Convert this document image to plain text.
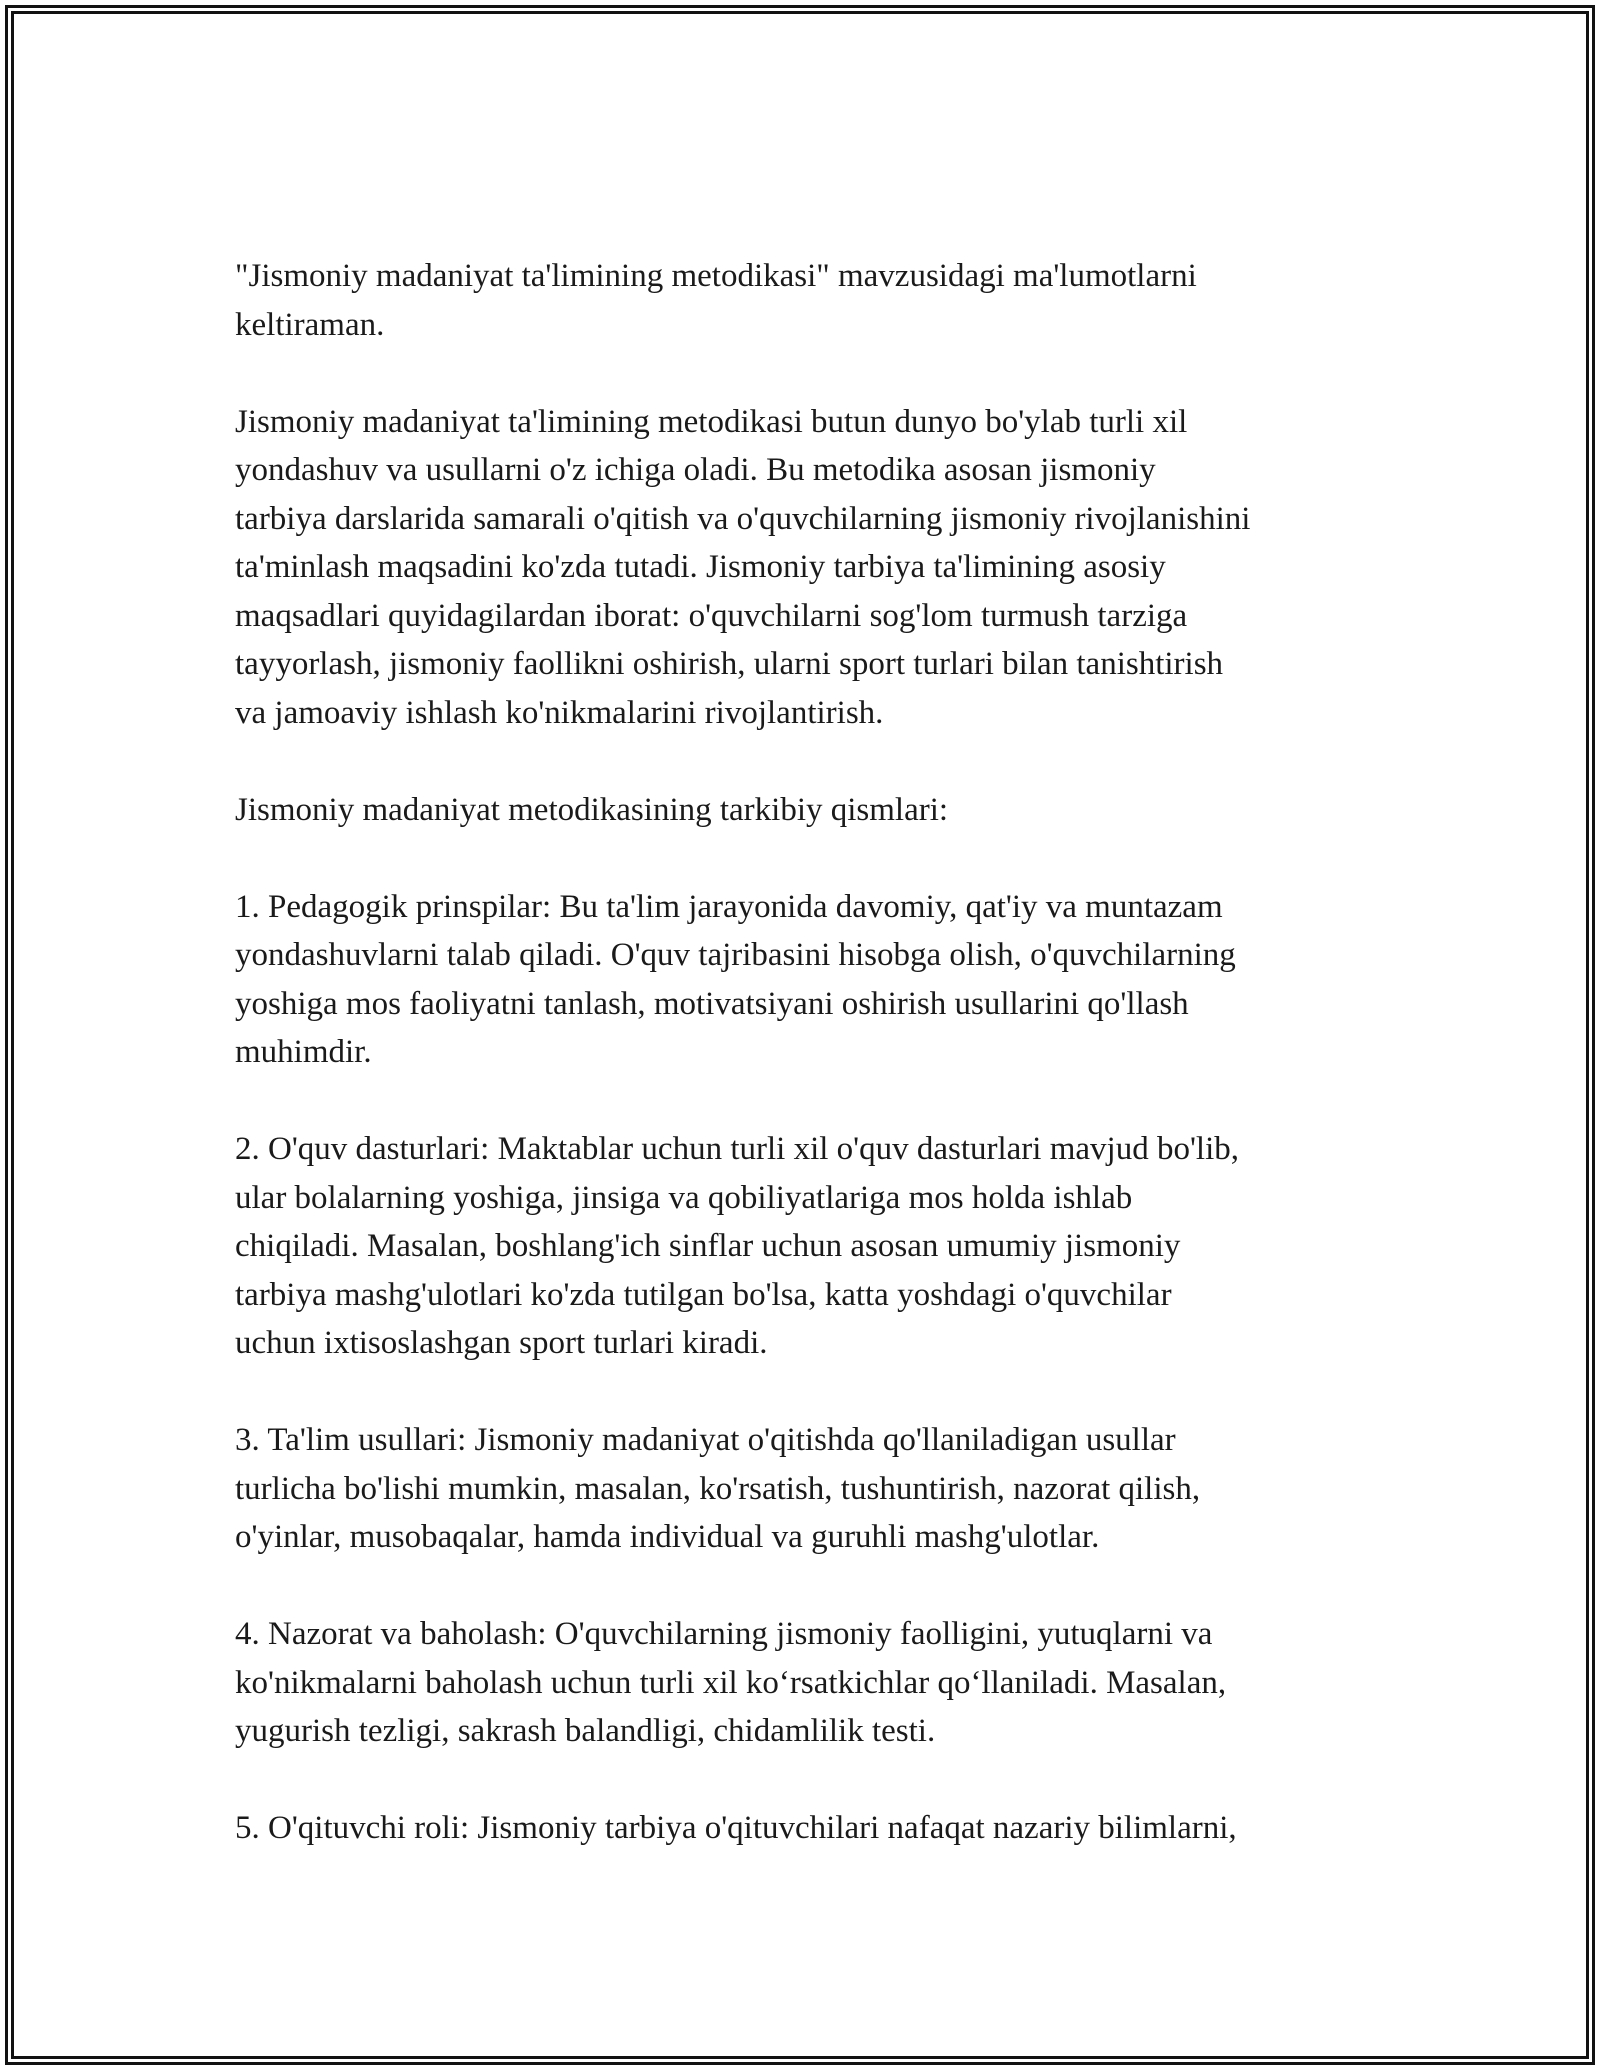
"Jismoniy madaniyat ta'limining metodikasi" mavzusidagi ma'lumotlarni
keltiraman.

Jismoniy madaniyat ta'limining metodikasi butun dunyo bo'ylab turli xil
yondashuv va usullarni o'z ichiga oladi. Bu metodika asosan jismoniy
tarbiya darslarida samarali o'qitish va o'quvchilarning jismoniy rivojlanishini
ta'minlash maqsadini ko'zda tutadi. Jismoniy tarbiya ta'limining asosiy
maqsadlari quyidagilardan iborat: o'quvchilarni sog'lom turmush tarziga
tayyorlash, jismoniy faollikni oshirish, ularni sport turlari bilan tanishtirish
va jamoaviy ishlash ko'nikmalarini rivojlantirish.

Jismoniy madaniyat metodikasining tarkibiy qismlari:

1. Pedagogik prinspilar: Bu ta'lim jarayonida davomiy, qat'iy va muntazam
yondashuvlarni talab qiladi. O'quv tajribasini hisobga olish, o'quvchilarning
yoshiga mos faoliyatni tanlash, motivatsiyani oshirish usullarini qo'llash
muhimdir.

2. O'quv dasturlari: Maktablar uchun turli xil o'quv dasturlari mavjud bo'lib,
ular bolalarning yoshiga, jinsiga va qobiliyatlariga mos holda ishlab
chiqiladi. Masalan, boshlang'ich sinflar uchun asosan umumiy jismoniy
tarbiya mashg'ulotlari ko'zda tutilgan bo'lsa, katta yoshdagi o'quvchilar
uchun ixtisoslashgan sport turlari kiradi.

3. Ta'lim usullari: Jismoniy madaniyat o'qitishda qo'llaniladigan usullar
turlicha bo'lishi mumkin, masalan, ko'rsatish, tushuntirish, nazorat qilish,
o'yinlar, musobaqalar, hamda individual va guruhli mashg'ulotlar.

4. Nazorat va baholash: O'quvchilarning jismoniy faolligini, yutuqlarni va
ko'nikmalarni baholash uchun turli xil ko‘rsatkichlar qo‘llaniladi. Masalan,
yugurish tezligi, sakrash balandligi, chidamlilik testi.

5. O'qituvchi roli: Jismoniy tarbiya o'qituvchilari nafaqat nazariy bilimlarni,
